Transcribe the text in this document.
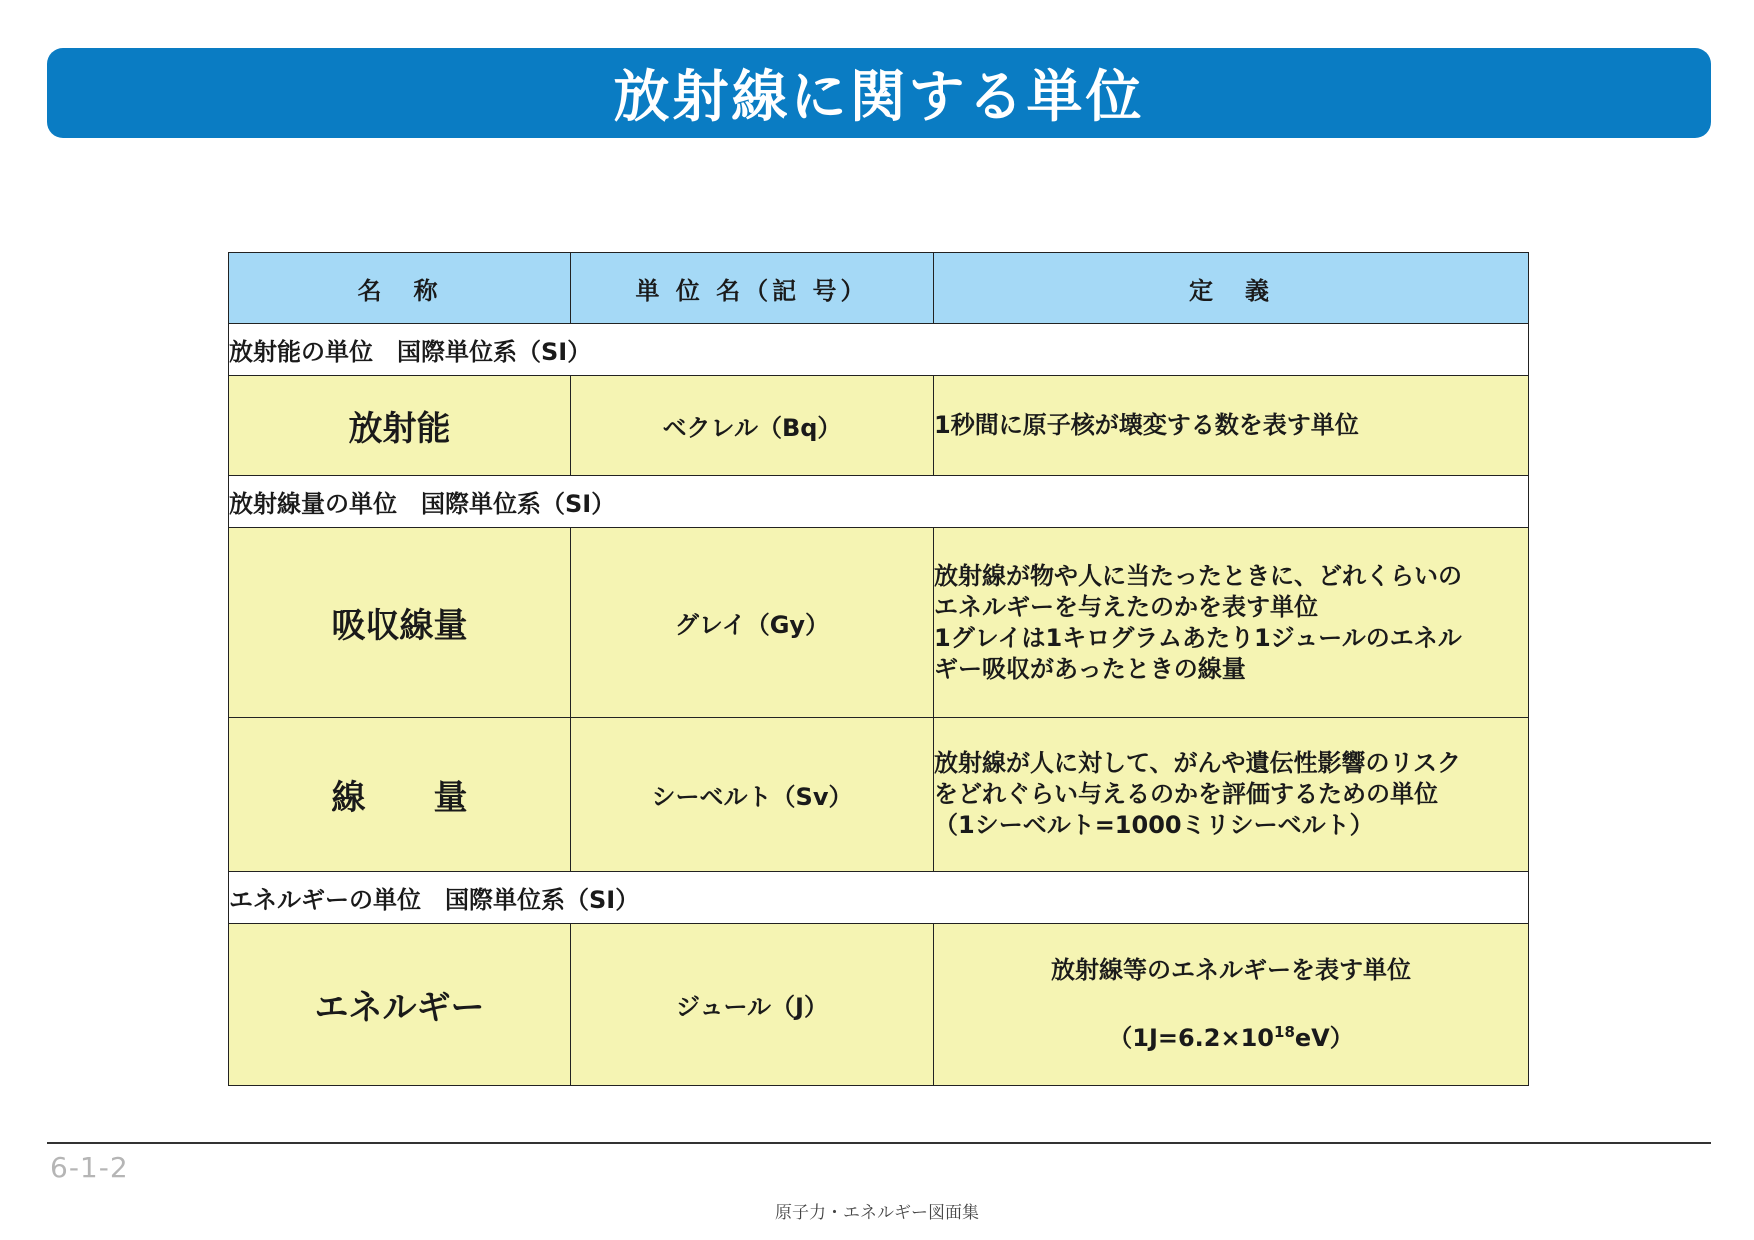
放射線に関する単位
名　称	単 位 名（記 号）	定　義
放射能の単位　国際単位系（SI）		
放射能	ベクレル（Bq）	1秒間に原子核が壊変する数を表す単位
放射線量の単位　国際単位系（SI）		
吸収線量	グレイ（Gy）	放射線が物や人に当たったときに、どれくらいの
エネルギーを与えたのかを表す単位
1グレイは1キログラムあたり1ジュールのエネル
ギー吸収があったときの線量
線　　量	シーベルト（Sv）	放射線が人に対して、がんや遺伝性影響のリスク
をどれぐらい与えるのかを評価するための単位
（1シーベルト=1000ミリシーベルト）
エネルギーの単位　国際単位系（SI）		
エネルギー	ジュール（J）	放射線等のエネルギーを表す単位

$(1J=6.2\times 10^{18}eV)$

6-1-2
原子力・エネルギー図面集
